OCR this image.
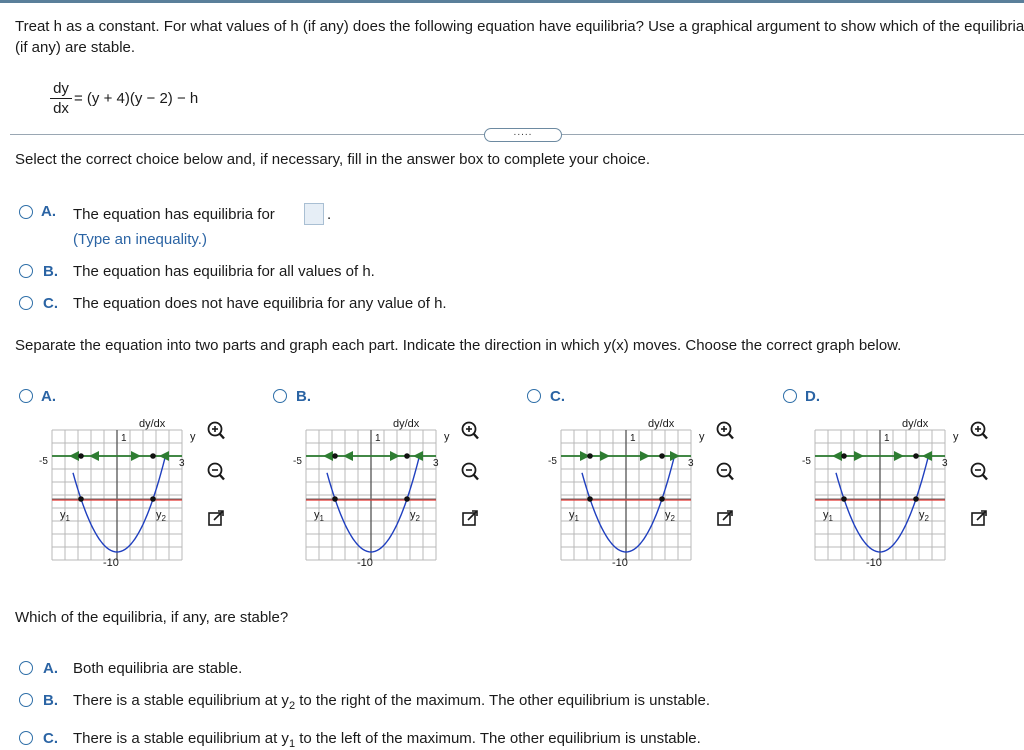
Treat h as a constant. For what values of h (if any) does the following equation have equilibria? Use a graphical argument to show which of the equilibria (if any) are stable.
dy
dx
= (y + 4)(y − 2) − h
.....
Select the correct choice below and, if necessary, fill in the answer box to complete your choice.
A. The equation has equilibria for	.
(Type an inequality.)
B. The equation has equilibria for all values of h.
C. The equation does not have equilibria for any value of h.
Separate the equation into two parts and graph each part. Indicate the direction in which y(x) moves. Choose the correct graph below.
A.	B.	C.	D.
dy/dx
y
1
-5	3
-10
$y_1$	$y_2$
dy/dx
y
1
-5	3
-10
$y_1$	$y_2$
dy/dx
y
1
-5	3
-10
$y_1$	$y_2$
dy/dx
y
1
-5	3
-10
$y_1$	$y_2$
Which of the equilibria, if any, are stable?
A. Both equilibria are stable.
B. There is a stable equilibrium at $y_2$ to the right of the maximum. The other equilibrium is unstable.
C. There is a stable equilibrium at $y_1$ to the left of the maximum. The other equilibrium is unstable.
